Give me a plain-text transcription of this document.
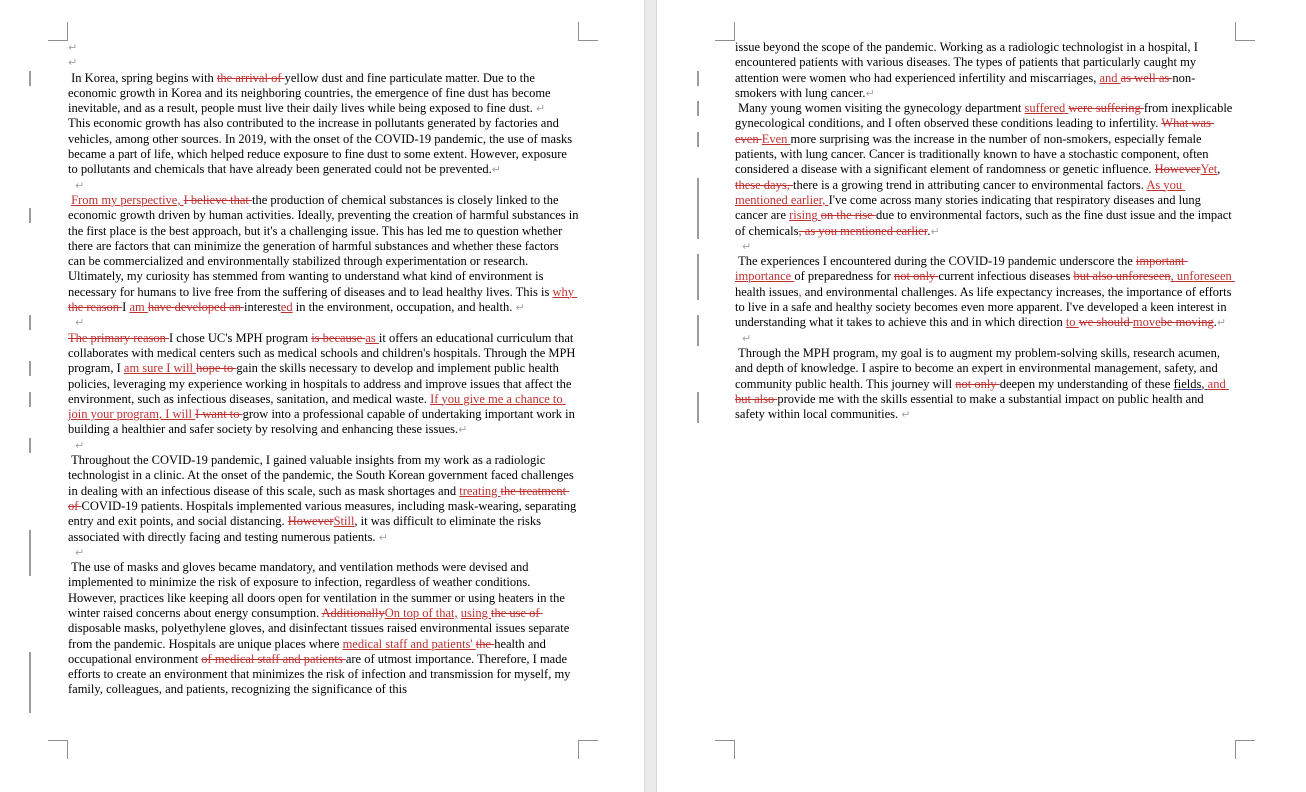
↵
↵
In Korea, spring begins with the arrival of yellow dust and fine particulate matter. Due to the economic growth in Korea and its neighboring countries, the emergence of fine dust has become inevitable, and as a result, people must live their daily lives while being exposed to fine dust. ↵
This economic growth has also contributed to the increase in pollutants generated by factories and vehicles, among other sources. In 2019, with the onset of the COVID-19 pandemic, the use of masks became a part of life, which helped reduce exposure to fine dust to some extent. However, exposure to pollutants and chemicals that have already been generated could not be prevented.↵
↵
From my perspective, I believe that the production of chemical substances is closely linked to the economic growth driven by human activities. Ideally, preventing the creation of harmful substances in the first place is the best approach, but it's a challenging issue. This has led me to question whether there are factors that can minimize the generation of harmful substances and whether these factors can be commercialized and environmentally stabilized through experimentation or research. Ultimately, my curiosity has stemmed from wanting to understand what kind of environment is necessary for humans to live free from the suffering of diseases and to lead healthy lives. This is why the reason I am have developed an interested in the environment, occupation, and health. ↵
↵
The primary reason I chose UC's MPH program is because as it offers an educational curriculum that collaborates with medical centers such as medical schools and children's hospitals. Through the MPH program, I am sure I will hope to gain the skills necessary to develop and implement public health policies, leveraging my experience working in hospitals to address and improve issues that affect the environment, such as infectious diseases, sanitation, and medical waste. If you give me a chance to join your program, I will I want to grow into a professional capable of undertaking important work in building a healthier and safer society by resolving and enhancing these issues.↵
↵
Throughout the COVID-19 pandemic, I gained valuable insights from my work as a radiologic technologist in a clinic. At the onset of the pandemic, the South Korean government faced challenges in dealing with an infectious disease of this scale, such as mask shortages and treating the treatment of COVID-19 patients. Hospitals implemented various measures, including mask-wearing, separating entry and exit points, and social distancing. HoweverStill, it was difficult to eliminate the risks associated with directly facing and testing numerous patients. ↵
↵
The use of masks and gloves became mandatory, and ventilation methods were devised and implemented to minimize the risk of exposure to infection, regardless of weather conditions. However, practices like keeping all doors open for ventilation in the summer or using heaters in the winter raised concerns about energy consumption. AdditionallyOn top of that, using the use of disposable masks, polyethylene gloves, and disinfectant tissues raised environmental issues separate from the pandemic. Hospitals are unique places where medical staff and patients' the health and occupational environment of medical staff and patients are of utmost importance. Therefore, I made efforts to create an environment that minimizes the risk of infection and transmission for myself, my family, colleagues, and patients, recognizing the significance of this
issue beyond the scope of the pandemic. Working as a radiologic technologist in a hospital, I encountered patients with various diseases. The types of patients that particularly caught my attention were women who had experienced infertility and miscarriages, and as well as non-smokers with lung cancer.↵
Many young women visiting the gynecology department suffered were suffering from inexplicable gynecological conditions, and I often observed these conditions leading to infertility. What was even Even more surprising was the increase in the number of non-smokers, especially female patients, with lung cancer. Cancer is traditionally known to have a stochastic component, often considered a disease with a significant element of randomness or genetic influence. HoweverYet, these days, there is a growing trend in attributing cancer to environmental factors. As you mentioned earlier, I've come across many stories indicating that respiratory diseases and lung cancer are rising on the rise due to environmental factors, such as the fine dust issue and the impact of chemicals, as you mentioned earlier.↵
↵
The experiences I encountered during the COVID-19 pandemic underscore the important importance of preparedness for not only current infectious diseases but also unforeseen, unforeseen health issues, and environmental challenges. As life expectancy increases, the importance of efforts to live in a safe and healthy society becomes even more apparent. I've developed a keen interest in understanding what it takes to achieve this and in which direction to we should movebe moving.↵
↵
Through the MPH program, my goal is to augment my problem-solving skills, research acumen, and depth of knowledge. I aspire to become an expert in environmental management, safety, and community public health. This journey will not only deepen my understanding of these fields, and but also provide me with the skills essential to make a substantial impact on public health and safety within local communities. ↵
